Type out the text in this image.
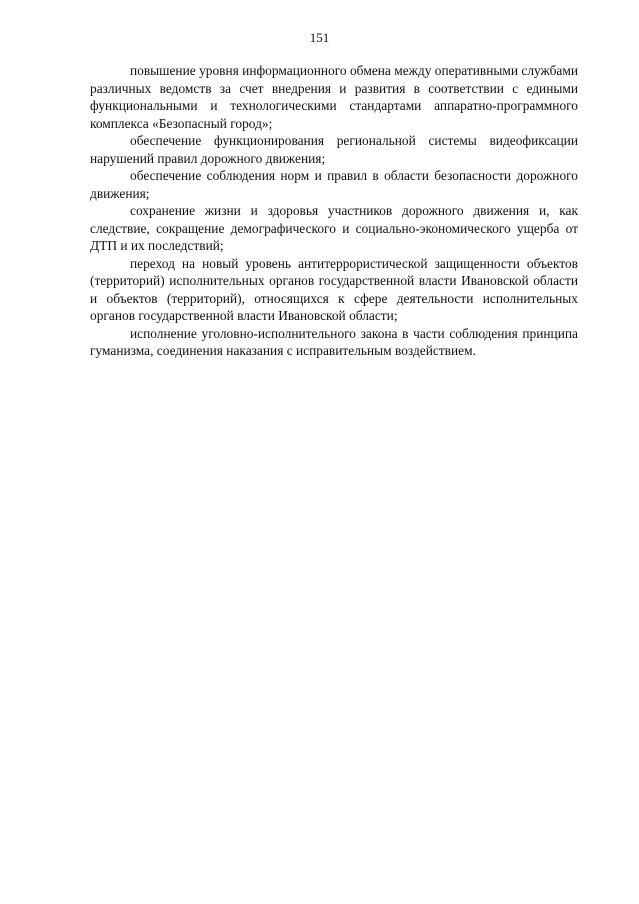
151

повышение уровня информационного обмена между оперативными службами различных ведомств за счет внедрения и развития в соответствии с едиными функциональными и технологическими стандартами аппаратно-программного комплекса «Безопасный город»;

обеспечение функционирования региональной системы видеофиксации нарушений правил дорожного движения;

обеспечение соблюдения норм и правил в области безопасности дорожного движения;

сохранение жизни и здоровья участников дорожного движения и, как следствие, сокращение демографического и социально-экономического ущерба от ДТП и их последствий;

переход на новый уровень антитеррористической защищенности объектов (территорий) исполнительных органов государственной власти Ивановской области и объектов (территорий), относящихся к сфере деятельности исполнительных органов государственной власти Ивановской области;

исполнение уголовно-исполнительного закона в части соблюдения принципа гуманизма, соединения наказания с исправительным воздействием.
